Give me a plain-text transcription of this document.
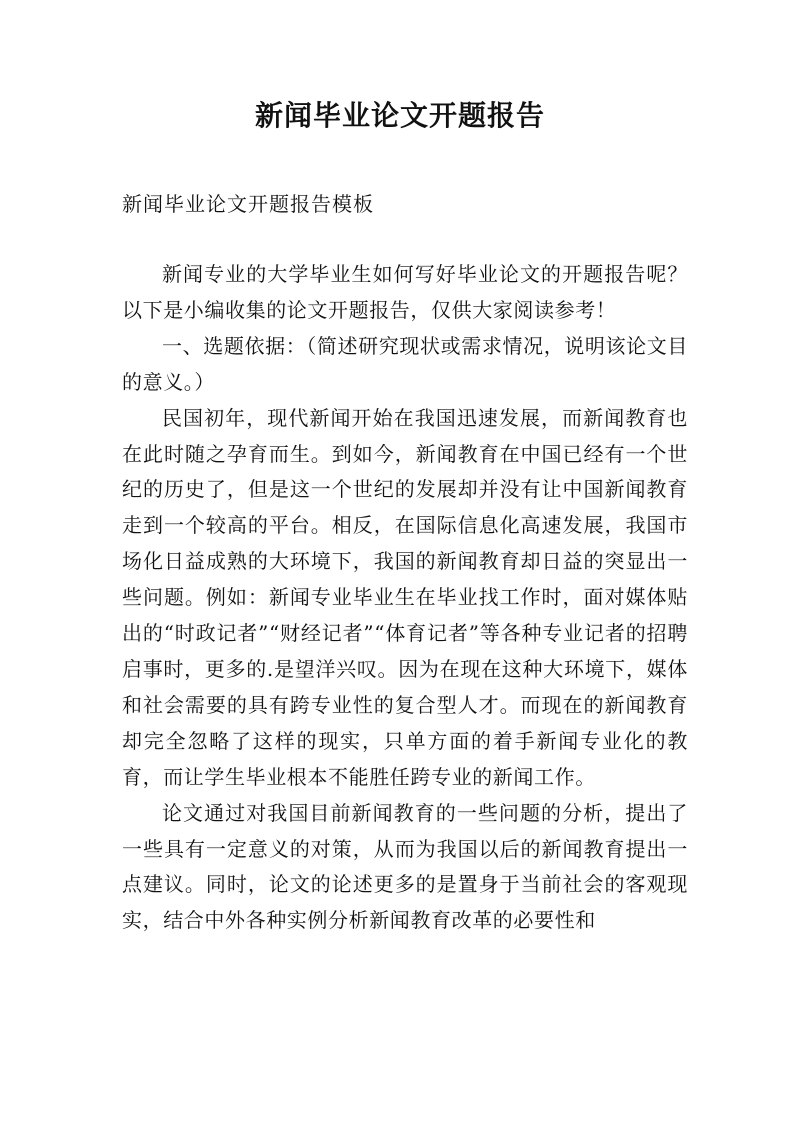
新闻毕业论文开题报告
新闻毕业论文开题报告模板

新闻专业的大学毕业生如何写好毕业论文的开题报告呢？以下是小编收集的论文开题报告，仅供大家阅读参考！

一、选题依据：（简述研究现状或需求情况，说明该论文目的意义。）

民国初年，现代新闻开始在我国迅速发展，而新闻教育也在此时随之孕育而生。到如今，新闻教育在中国已经有一个世纪的历史了，但是这一个世纪的发展却并没有让中国新闻教育走到一个较高的平台。相反，在国际信息化高速发展，我国市场化日益成熟的大环境下，我国的新闻教育却日益的突显出一些问题。例如：新闻专业毕业生在毕业找工作时，面对媒体贴出的“时政记者”“财经记者”“体育记者”等各种专业记者的招聘启事时，更多的.是望洋兴叹。因为在现在这种大环境下，媒体和社会需要的具有跨专业性的复合型人才。而现在的新闻教育却完全忽略了这样的现实，只单方面的着手新闻专业化的教育，而让学生毕业根本不能胜任跨专业的新闻工作。

论文通过对我国目前新闻教育的一些问题的分析，提出了一些具有一定意义的对策，从而为我国以后的新闻教育提出一点建议。同时，论文的论述更多的是置身于当前社会的客观现实，结合中外各种实例分析新闻教育改革的必要性和
